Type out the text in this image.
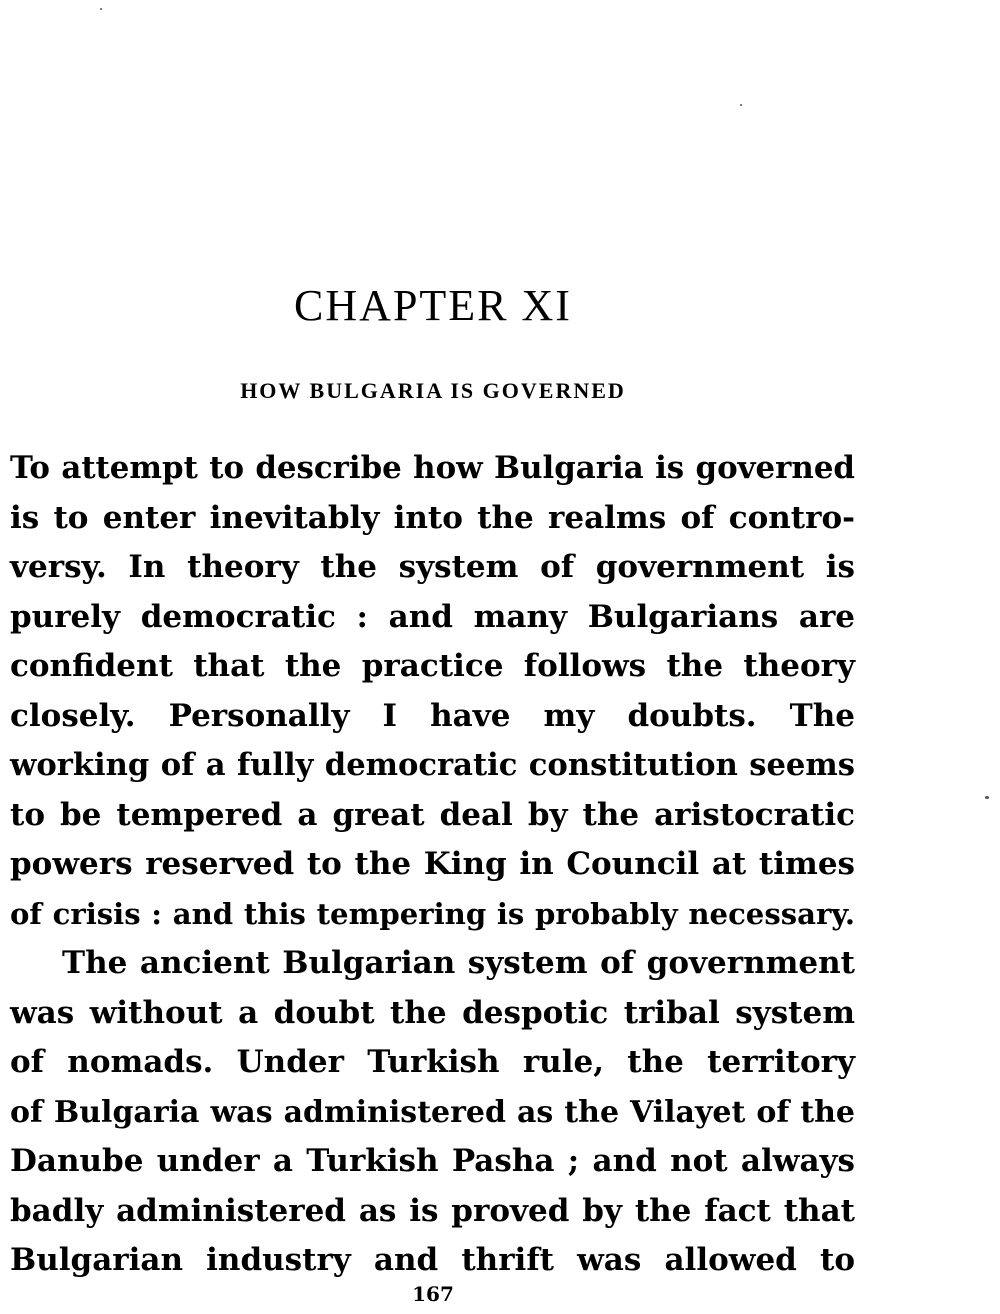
CHAPTER XI
HOW BULGARIA IS GOVERNED
To attempt to describe how Bulgaria is governed
is to enter inevitably into the realms of contro-
versy. In theory the system of government is
purely democratic : and many Bulgarians are
confident that the practice follows the theory
closely. Personally I have my doubts. The
working of a fully democratic constitution seems
to be tempered a great deal by the aristocratic
powers reserved to the King in Council at times
of crisis : and this tempering is probably necessary.
The ancient Bulgarian system of government
was without a doubt the despotic tribal system
of nomads. Under Turkish rule, the territory
of Bulgaria was administered as the Vilayet of the
Danube under a Turkish Pasha ; and not always
badly administered as is proved by the fact that
Bulgarian industry and thrift was allowed to
167
